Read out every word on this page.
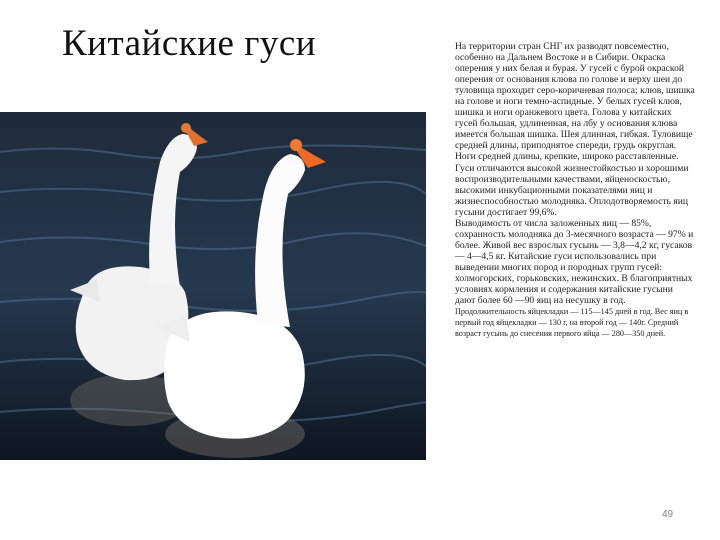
Китайские гуси	На территории стран СНГ их разводят повсеместно, особенно на Дальнем Востоке и в Сибири. Окраска оперения у них белая и бурая. У гусей с бурой окраской оперения от основания клюва по голове и верху шеи до туловища проходит серо-коричневая полоса; клюв, шишка на голове и ноги темно-аспидные. У белых гусей клюв, шишка и ноги оранжевого цвета. Голова у китайских гусей большая, удлиненная, на лбу у основания клюва имеется большая шишка. Шея длинная, гибкая. Туловище средней длины, приподнятое спереди, грудь округлая. Ноги средней длины, крепкие, широко расставленные. Гуси отличаются высокой жизнестойкостью и хорошими воспроизводительными качествами, яйценоскостью, высокими инкубационными показателями яиц и жизнеспособностью молодняка. Оплодотворяемость яиц гусыни достигает 99,6%.

Выводимость от числа заложенных яиц — 85%, сохранность молодняка до 3-месячного возраста — 97% и более. Живой вес взрослых гусынь — 3,8—4,2 кг, гусаков — 4—4,5 кг. Китайские гуси использовались при выведении многих пород и породных групп гусей: холмогорских, горьковских, нежинских. В благоприятных условиях кормления и содержания китайские гусыни дают более 60 —90 яиц на несушку в год.

Продолжительность яйцекладки — 115—145 дней в год. Вес яиц в первый год яйцекладки — 130 г, на второй год — 140г. Средний возраст гусынь до снесения первого яйца — 280—350 дней.

49
